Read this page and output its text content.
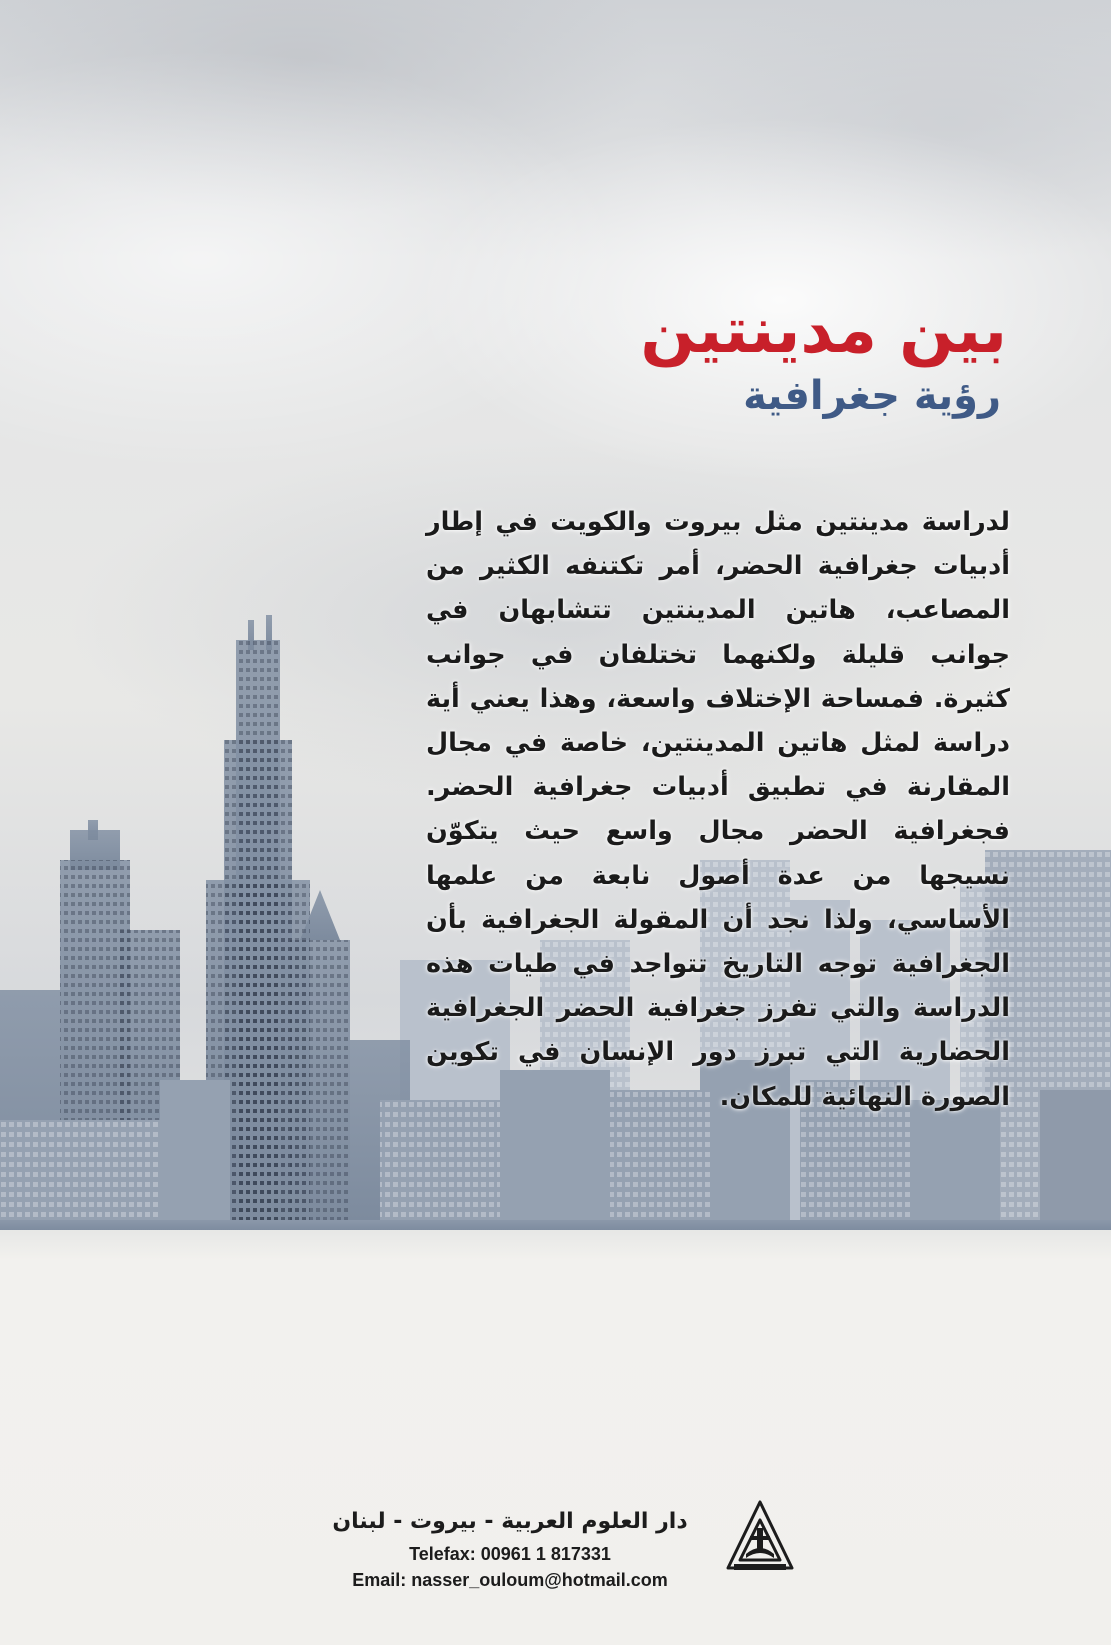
بين مدينتين
رؤية جغرافية

لدراسة مدينتين مثل بيروت والكويت في إطار أدبيات جغرافية الحضر، أمر تكتنفه الكثير من المصاعب، هاتين المدينتين تتشابهان في جوانب قليلة ولكنهما تختلفان في جوانب كثيرة. فمساحة الإختلاف واسعة، وهذا يعني أية دراسة لمثل هاتين المدينتين، خاصة في مجال المقارنة في تطبيق أدبيات جغرافية الحضر. فجغرافية الحضر مجال واسع حيث يتكوّن نسيجها من عدة أصول نابعة من علمها الأساسي، ولذا نجد أن المقولة الجغرافية بأن الجغرافية توجه التاريخ تتواجد في طيات هذه الدراسة والتي تفرز جغرافية الحضر الجغرافية الحضارية التي تبرز دور الإنسان في تكوين الصورة النهائية للمكان.

دار العلوم العربية - بيروت - لبنان

Telefax: 00961 1 817331

Email: nasser_ouloum@hotmail.com
